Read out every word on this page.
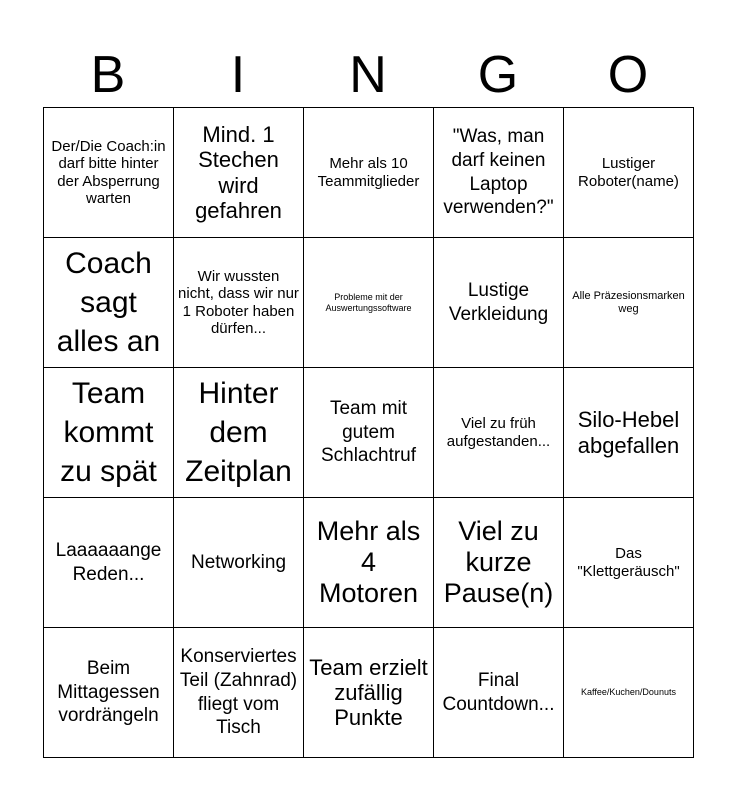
B	I	N	G	O
Der/Die Coach:in darf bitte hinter der Absperrung warten	Mind. 1 Stechen wird gefahren	Mehr als 10 Teammitglieder	"Was, man darf keinen Laptop verwenden?"	Lustiger Roboter(name)
Coach sagt alles an	Wir wussten nicht, dass wir nur 1 Roboter haben dürfen...	Probleme mit der Auswertungssoftware	Lustige Verkleidung	Alle Präzesionsmarken weg
Team kommt zu spät	Hinter dem Zeitplan	Team mit gutem Schlachtruf	Viel zu früh aufgestanden...	Silo-Hebel abgefallen
Laaaaaange Reden...	Networking	Mehr als 4 Motoren	Viel zu kurze Pause(n)	Das "Klettgeräusch"
Beim Mittagessen vordrängeln	Konserviertes Teil (Zahnrad) fliegt vom Tisch	Team erzielt zufällig Punkte	Final Countdown...	Kaffee/Kuchen/Dounuts
